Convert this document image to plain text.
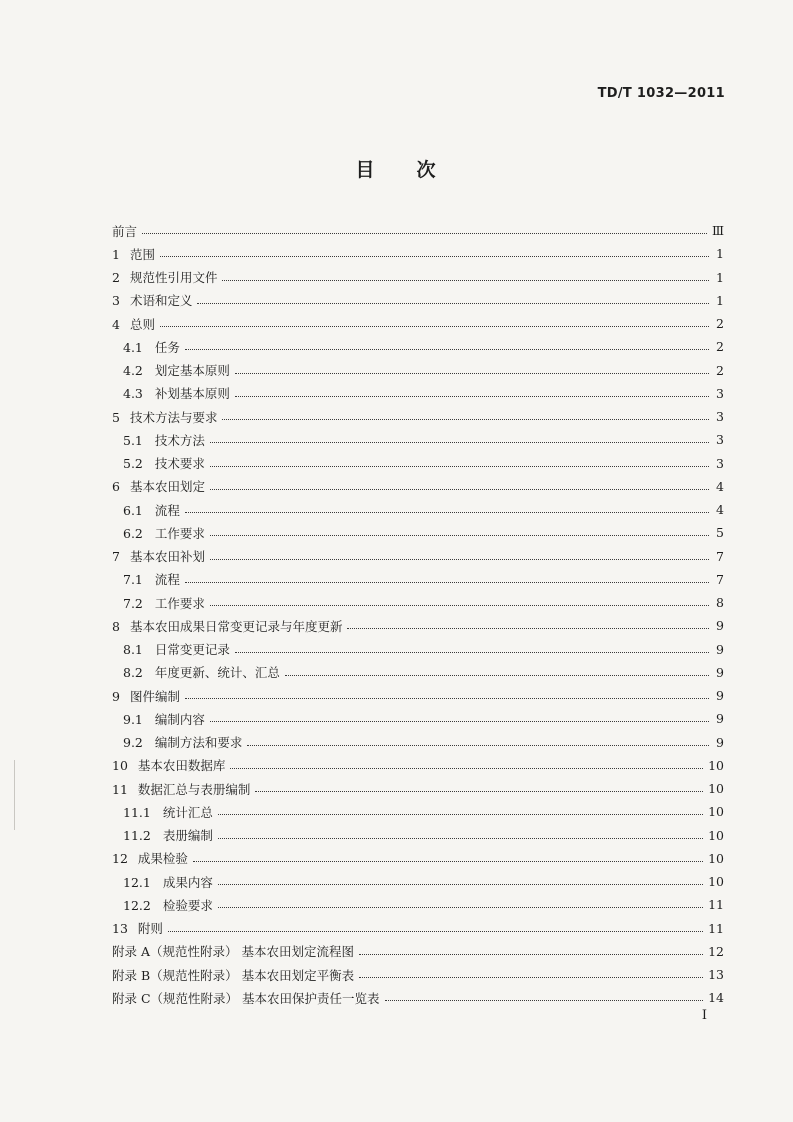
TD/T 1032—2011
目 次
前言	Ⅲ
1 范围	1
2 规范性引用文件	1
3 术语和定义	1
4 总则	2
4.1 任务	2
4.2 划定基本原则	2
4.3 补划基本原则	3
5 技术方法与要求	3
5.1 技术方法	3
5.2 技术要求	3
6 基本农田划定	4
6.1 流程	4
6.2 工作要求	5
7 基本农田补划	7
7.1 流程	7
7.2 工作要求	8
8 基本农田成果日常变更记录与年度更新	9
8.1 日常变更记录	9
8.2 年度更新、统计、汇总	9
9 图件编制	9
9.1 编制内容	9
9.2 编制方法和要求	9
10 基本农田数据库	10
11 数据汇总与表册编制	10
11.1 统计汇总	10
11.2 表册编制	10
12 成果检验	10
12.1 成果内容	10
12.2 检验要求	11
13 附则	11
附录 A（规范性附录） 基本农田划定流程图	12
附录 B（规范性附录） 基本农田划定平衡表	13
附录 C（规范性附录） 基本农田保护责任一览表	14
I
